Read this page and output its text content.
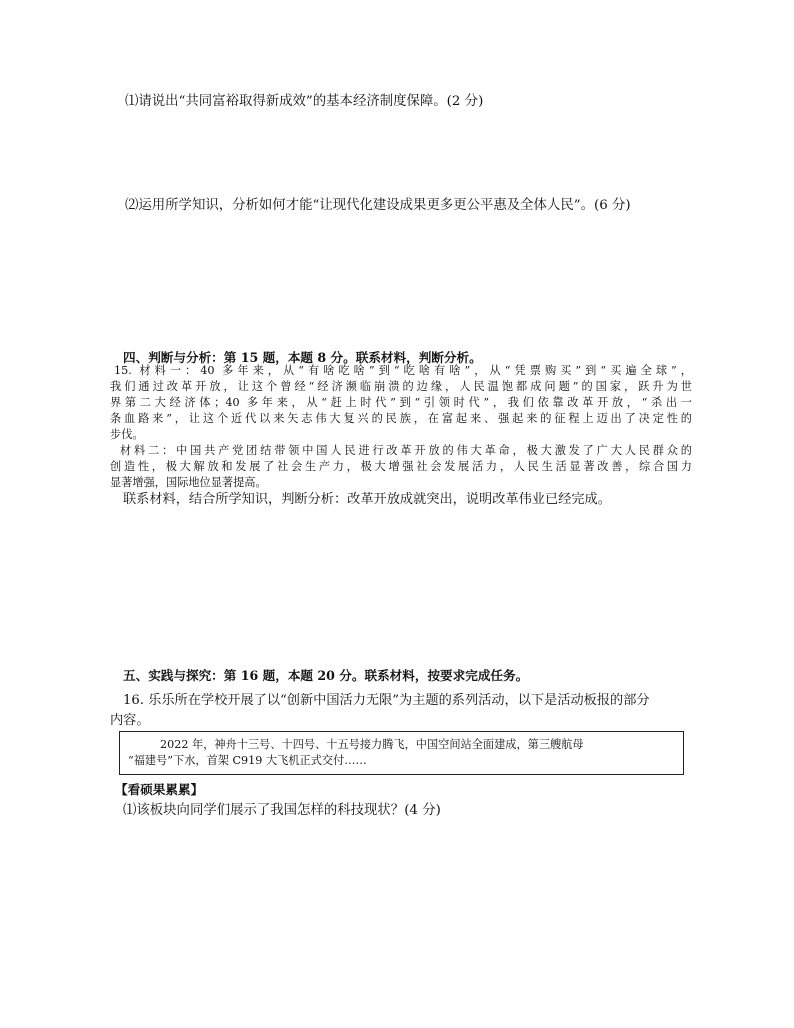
⑴请说出“共同富裕取得新成效”的基本经济制度保障。(2 分)
⑵运用所学知识，分析如何才能“让现代化建设成果更多更公平惠及全体人民”。(6 分)
四、判断与分析：第 15 题，本题 8 分。联系材料，判断分析。
15. 材料一：40 多年来，从“有啥吃啥”到“吃啥有啥”，从“凭票购买”到“买遍全球”，
我们通过改革开放，让这个曾经“经济濒临崩溃的边缘，人民温饱都成问题”的国家，跃升为世
界第二大经济体；40 多年来，从“赶上时代”到“引领时代”，我们依靠改革开放，“杀出一
条血路来”，让这个近代以来矢志伟大复兴的民族，在富起来、强起来的征程上迈出了决定性的
步伐。
材料二：中国共产党团结带领中国人民进行改革开放的伟大革命，极大激发了广大人民群众的
创造性，极大解放和发展了社会生产力，极大增强社会发展活力，人民生活显著改善，综合国力
显著增强，国际地位显著提高。
联系材料，结合所学知识，判断分析：改革开放成就突出，说明改革伟业已经完成。
五、实践与探究：第 16 题，本题 20 分。联系材料，按要求完成任务。
16. 乐乐所在学校开展了以“创新中国活力无限”为主题的系列活动，以下是活动板报的部分
内容。
2022 年，神舟十三号、十四号、十五号接力腾飞，中国空间站全面建成，第三艘航母
“福建号”下水，首架 C919 大飞机正式交付……
【看硕果累累】
⑴该板块向同学们展示了我国怎样的科技现状？(4 分)
